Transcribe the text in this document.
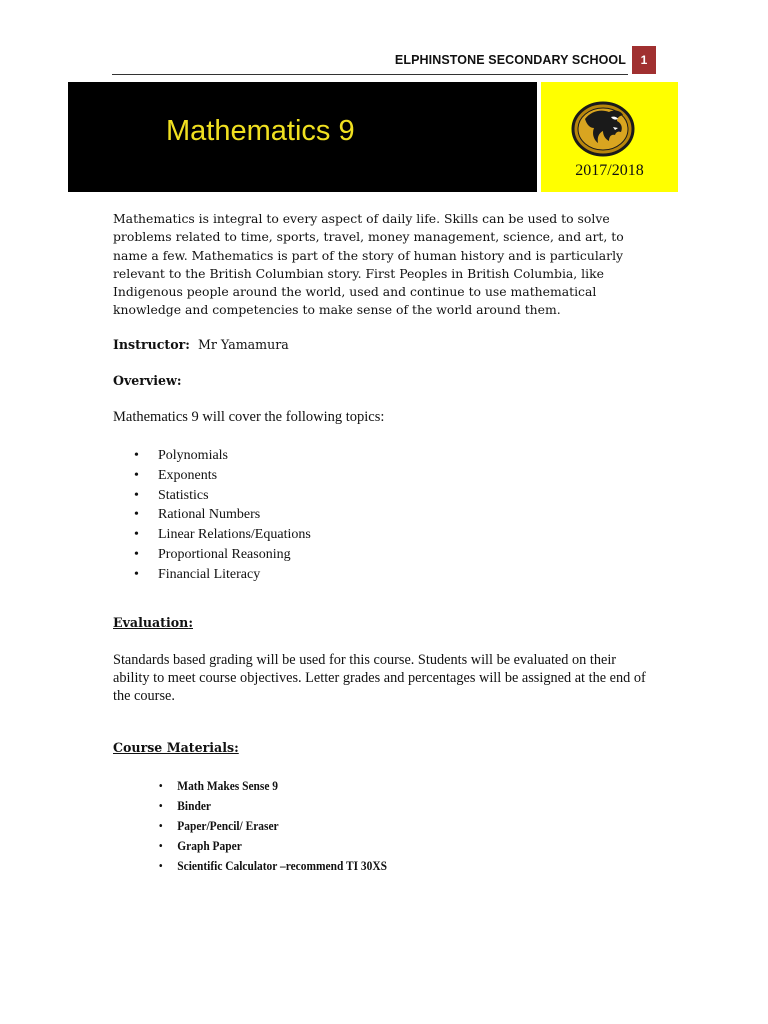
ELPHINSTONE SECONDARY SCHOOL	1
Mathematics 9
2017/2018

Mathematics is integral to every aspect of daily life. Skills can be used to solve problems related to time, sports, travel, money management, science, and art, to name a few. Mathematics is part of the story of human history and is particularly relevant to the British Columbian story. First Peoples in British Columbia, like Indigenous people around the world, used and continue to use mathematical knowledge and competencies to make sense of the world around them.

Instructor: Mr Yamamura
Overview:
Mathematics 9 will cover the following topics:
• Polynomials
• Exponents
• Statistics
• Rational Numbers
• Linear Relations/Equations
• Proportional Reasoning
• Financial Literacy
Evaluation:

Standards based grading will be used for this course. Students will be evaluated on their ability to meet course objectives. Letter grades and percentages will be assigned at the end of the course.

Course Materials:
• Math Makes Sense 9
• Binder
• Paper/Pencil/ Eraser
• Graph Paper
• Scientific Calculator –recommend TI 30XS
